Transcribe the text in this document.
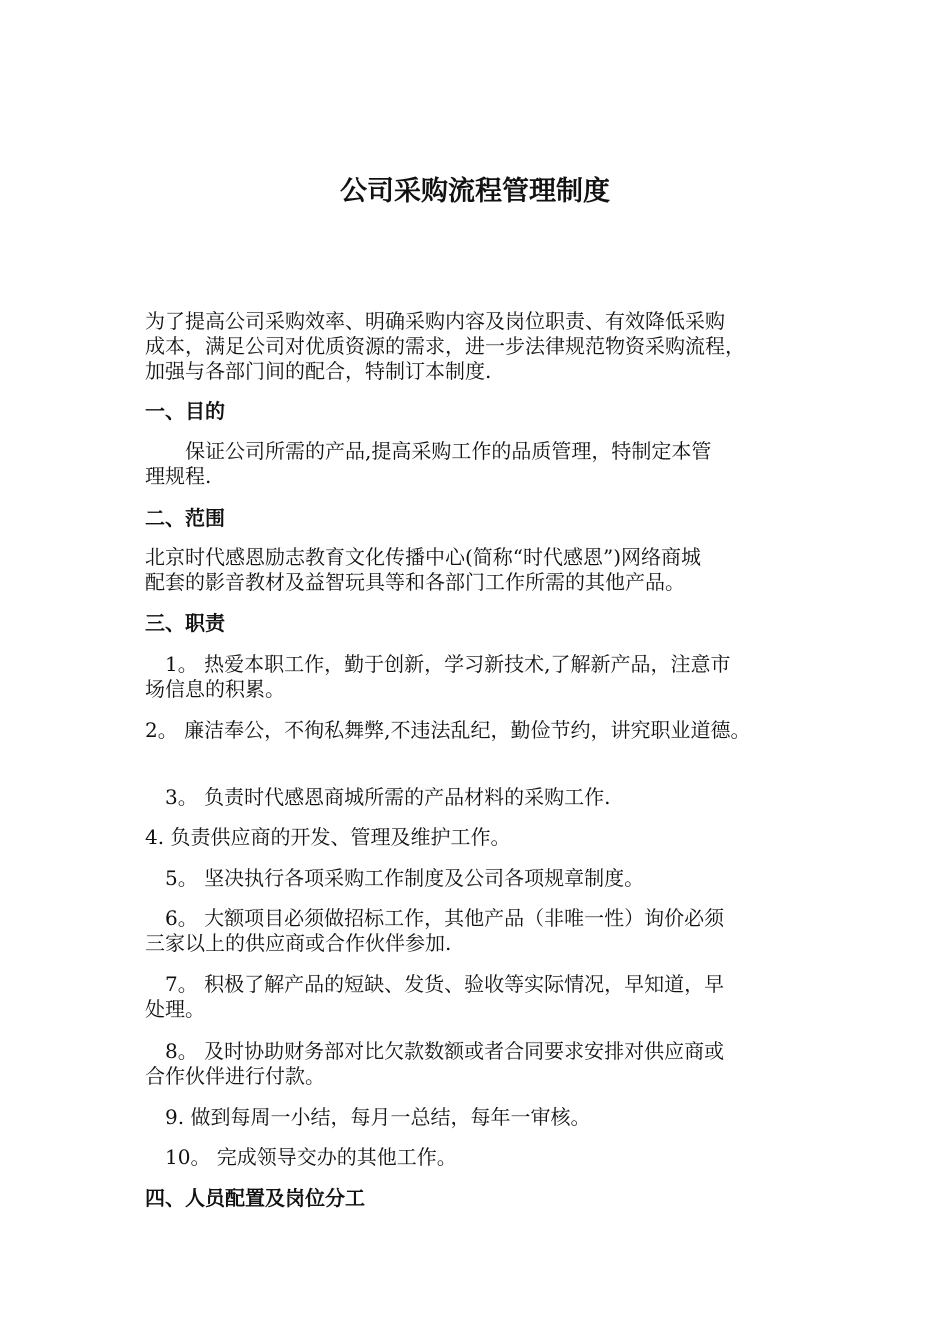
公司采购流程管理制度
为了提高公司采购效率、明确采购内容及岗位职责、有效降低采购
成本，满足公司对优质资源的需求，进一步法律规范物资采购流程，
加强与各部门间的配合，特制订本制度.
一、目的
　　保证公司所需的产品,提高采购工作的品质管理，特制定本管
理规程.
二、范围
北京时代感恩励志教育文化传播中心(简称“时代感恩”)网络商城
配套的影音教材及益智玩具等和各部门工作所需的其他产品。
三、职责
　1。 热爱本职工作，勤于创新，学习新技术,了解新产品，注意市
场信息的积累。
2。 廉洁奉公，不徇私舞弊,不违法乱纪，勤俭节约，讲究职业道德。
　3。 负责时代感恩商城所需的产品材料的采购工作.
4. 负责供应商的开发、管理及维护工作。
　5。 坚决执行各项采购工作制度及公司各项规章制度。
　6。 大额项目必须做招标工作，其他产品（非唯一性）询价必须
三家以上的供应商或合作伙伴参加.
　7。 积极了解产品的短缺、发货、验收等实际情况，早知道，早
处理。
　8。 及时协助财务部对比欠款数额或者合同要求安排对供应商或
合作伙伴进行付款。
　9. 做到每周一小结，每月一总结，每年一审核。
　10。 完成领导交办的其他工作。
四、人员配置及岗位分工
